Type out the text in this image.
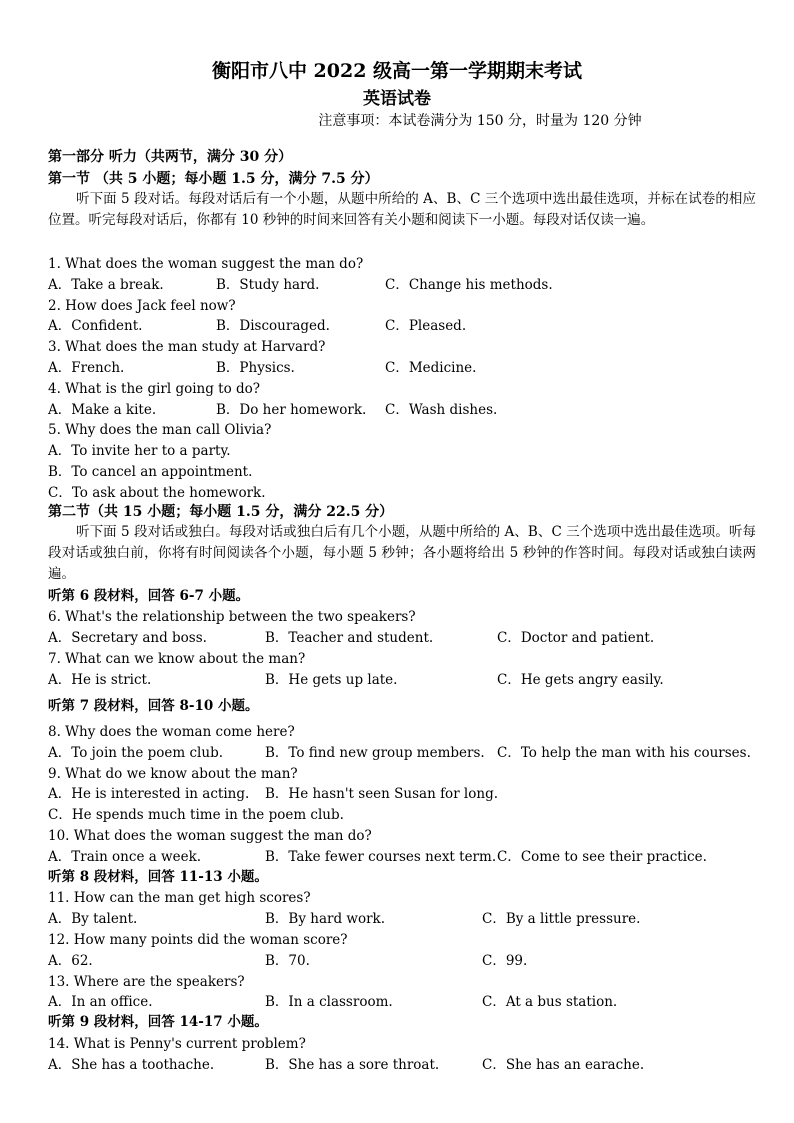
衡阳市八中 2022 级高一第一学期期末考试
英语试卷
注意事项：本试卷满分为 150 分，时量为 120 分钟
第一部分 听力（共两节，满分 30 分）
第一节 （共 5 小题；每小题 1.5 分，满分 7.5 分）
听下面 5 段对话。每段对话后有一个小题，从题中所给的 A、B、C 三个选项中选出最佳选项，并标在试卷的相应位置。听完每段对话后，你都有 10 秒钟的时间来回答有关小题和阅读下一小题。每段对话仅读一遍。
1. What does the woman suggest the man do?
A．Take a break.	B．Study hard.	C．Change his methods.
2. How does Jack feel now?
A．Confident.	B．Discouraged.	C．Pleased.
3. What does the man study at Harvard?
A．French.	B．Physics.	C．Medicine.
4. What is the girl going to do?
A．Make a kite.	B．Do her homework. C．Wash dishes.
5. Why does the man call Olivia?
A．To invite her to a party.
B．To cancel an appointment.
C．To ask about the homework.
第二节（共 15 小题；每小题 1.5 分，满分 22.5 分）
听下面 5 段对话或独白。每段对话或独白后有几个小题，从题中所给的 A、B、C 三个选项中选出最佳选项。听每段对话或独白前，你将有时间阅读各个小题，每小题 5 秒钟；各小题将给出 5 秒钟的作答时间。每段对话或独白读两遍。
听第 6 段材料，回答 6-7 小题。
6. What's the relationship between the two speakers?
A．Secretary and boss.	B．Teacher and student.	C．Doctor and patient.
7. What can we know about the man?
A．He is strict.	B．He gets up late.	C．He gets angry easily.
听第 7 段材料，回答 8-10 小题。
8. Why does the woman come here?
A．To join the poem club.	B．To find new group members. C．To help the man with his courses.
9. What do we know about the man?
A．He is interested in acting. B．He hasn't seen Susan for long.
C．He spends much time in the poem club.
10. What does the woman suggest the man do?
A．Train once a week.	B．Take fewer courses next term. C．Come to see their practice.
听第 8 段材料，回答 11-13 小题。
11. How can the man get high scores?
A．By talent.	B．By hard work.	C．By a little pressure.
12. How many points did the woman score?
A．62.	B．70.	C．99.
13. Where are the speakers?
A．In an office.	B．In a classroom.	C．At a bus station.
听第 9 段材料，回答 14-17 小题。
14. What is Penny's current problem?
A．She has a toothache.	B．She has a sore throat.	C．She has an earache.
